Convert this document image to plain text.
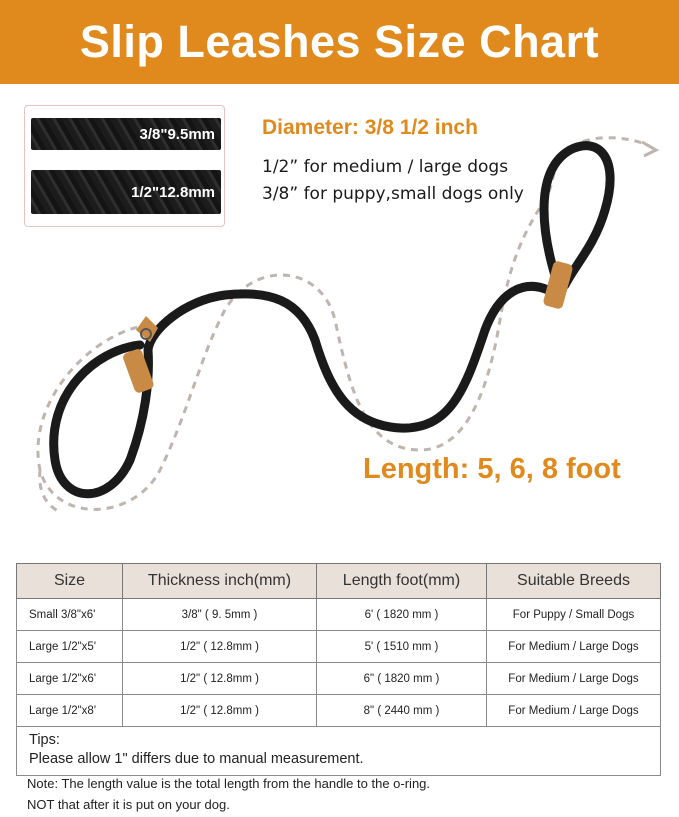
Slip Leashes Size Chart
3/8"9.5mm
1/2"12.8mm
Diameter: 3/8 1/2 inch
1/2” for medium / large dogs
3/8” for puppy,small dogs only
Length: 5, 6, 8 foot
Size	Thickness inch(mm)	Length foot(mm)	Suitable Breeds
Small 3/8"x6'	3/8" ( 9. 5mm )	6' ( 1820 mm )	For Puppy / Small Dogs
Large 1/2"x5'	1/2" ( 12.8mm )	5' ( 1510 mm )	For Medium / Large Dogs
Large 1/2"x6'	1/2" ( 12.8mm )	6" ( 1820 mm )	For Medium / Large Dogs
Large 1/2"x8'	1/2" ( 12.8mm )	8" ( 2440 mm )	For Medium / Large Dogs

Tips:
Please allow 1" differs due to manual measurement.			
Note: The length value is the total length from the handle to the o-ring.
NOT that after it is put on your dog.
